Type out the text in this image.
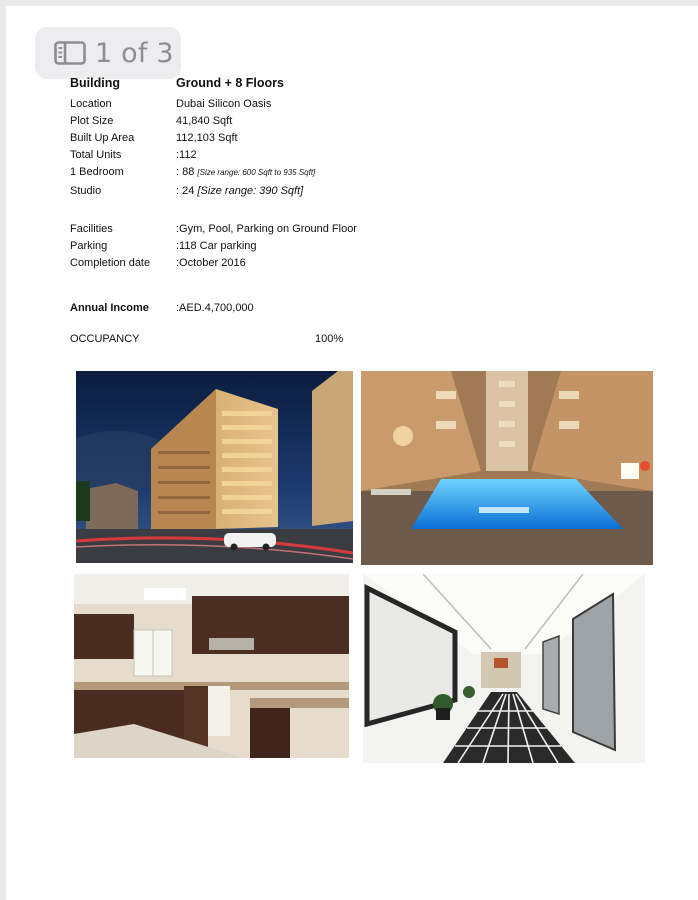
1 of 3
Building	Ground + 8 Floors
Location	Dubai Silicon Oasis
Plot Size	41,840 Sqft
Built Up Area	112,103 Sqft
Total Units	:112
1 Bedroom	: 88 [Size range: 600 Sqft to 935 Sqft]
Studio	: 24 [Size range: 390 Sqft]
Facilities	:Gym, Pool, Parking on Ground Floor
Parking	:118 Car parking
Completion date :October 2016
Annual Income :AED.4,700,000
OCCUPANCY	100%
